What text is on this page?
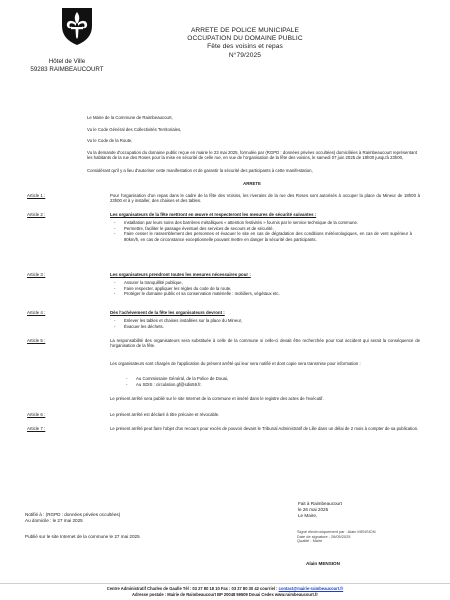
Hôtel de Ville
59283 RAIMBEAUCOURT
ARRETE DE POLICE MUNICIPALE
OCCUPATION DU DOMAINE PUBLIC
Fête des voisins et repas
N°79/2025
Le Maire de la Commune de Raimbeaucourt,
Vu le Code Général des Collectivités Territoriales,
Vu le Code de la Route,
Vu la demande d'occupation du domaine public reçue en mairie le 23 mai 2025, formulée par (RGPD : données privées occultées) domiciliées à Raimbeaucourt représentant les habitants de la rue des Roses pour la mise en sécurité de celle rue, en vue de l'organisation de la fête des voisins, le samedi 07 juin 2025 de 18h00 jusqu'à 23h00,
Considérant qu'il y a lieu d'autoriser cette manifestation et de garantir la sécurité des participants à cette manifestation,
ARRETE
Article 1 :	Pour l'organisation d'un repas dans le cadre de la fête des Voisins, les riverains de la rue des Roses sont autorisés à occuper la place du Mineur de 18h00 à 23h00 et à y installer, des chaises et des tables.
Article 2 :	Les organisateurs de la fête mettront en œuvre et respecteront les mesures de sécurité suivantes :
- Installation par leurs soins des barrières métalliques « attention festivités » fournis par le service technique de la commune.
- Permettre, faciliter le passage éventuel des services de secours et de sécurité.
- Faire cesser le rassemblement des personnes et évacuer le site en cas de dégradation des conditions météorologiques, en cas de vent supérieur à 80km/h, en cas de circonstance exceptionnelle pouvant mettre en danger la sécurité des participants.
Article 3 :	Les organisateurs prendront toutes les mesures nécessaires pour :
- Assurer la tranquillité publique,
- Faire respecter, appliquer les règles du code de la route,
- Protéger le domaine public et sa conservation matérielle : mobiliers, végétaux etc.
Article 4 :	Dès l'achèvement de la fête les organisateurs devront :
- Enlever les tables et chaises installées sur la place du Mineur,
- Évacuer les déchets.
Article 5 :	La responsabilité des organisateurs sera substituée à celle de la commune si celle-ci devait être recherchée pour tout accident qui serait la conséquence de l'organisation de la fête.
Les organisateurs sont chargés de l'application du présent arrêté qui leur sera notifié et dont copie sera transmise pour information :
- Au Commissaire Général, de la Police de Douai,
- Au SDIS : circulation.gf@sdis59.fr.
Le présent arrêté sera publié sur le site Internet de la commune et inséré dans le registre des actes de l'exécutif.
Article 6 :	Le présent arrêté est déclaré à titre précaire et révocable.
Article 7 :	Le présent arrêté peut faire l'objet d'un recours pour excès de pouvoir devant le Tribunal Administratif de Lille dans un délai de 2 mois à compter de sa publication.
Fait à Raimbeaucourt
le 26 mai 2025
Le Maire,
Signé électroniquement par : Alain MENSION
Date de signature : 26/05/2025
Qualité : Maire
Alain MENSION
Notifié à : (RGPD : données privées occultées)
Au domicile : le 27 mai 2025
Publié sur le site Internet de la commune le 27 mai 2025
Centre Administratif Charles de Gaulle Tél : 03 27 80 18 10 Fax : 03 27 80 30 42 courriel : contact@mairie-raimbeaucourt.fr
Adresse postale : Mairie de Raimbeaucourt BP 20048 59509 Douai Cedex www.raimbeaucourt.fr
